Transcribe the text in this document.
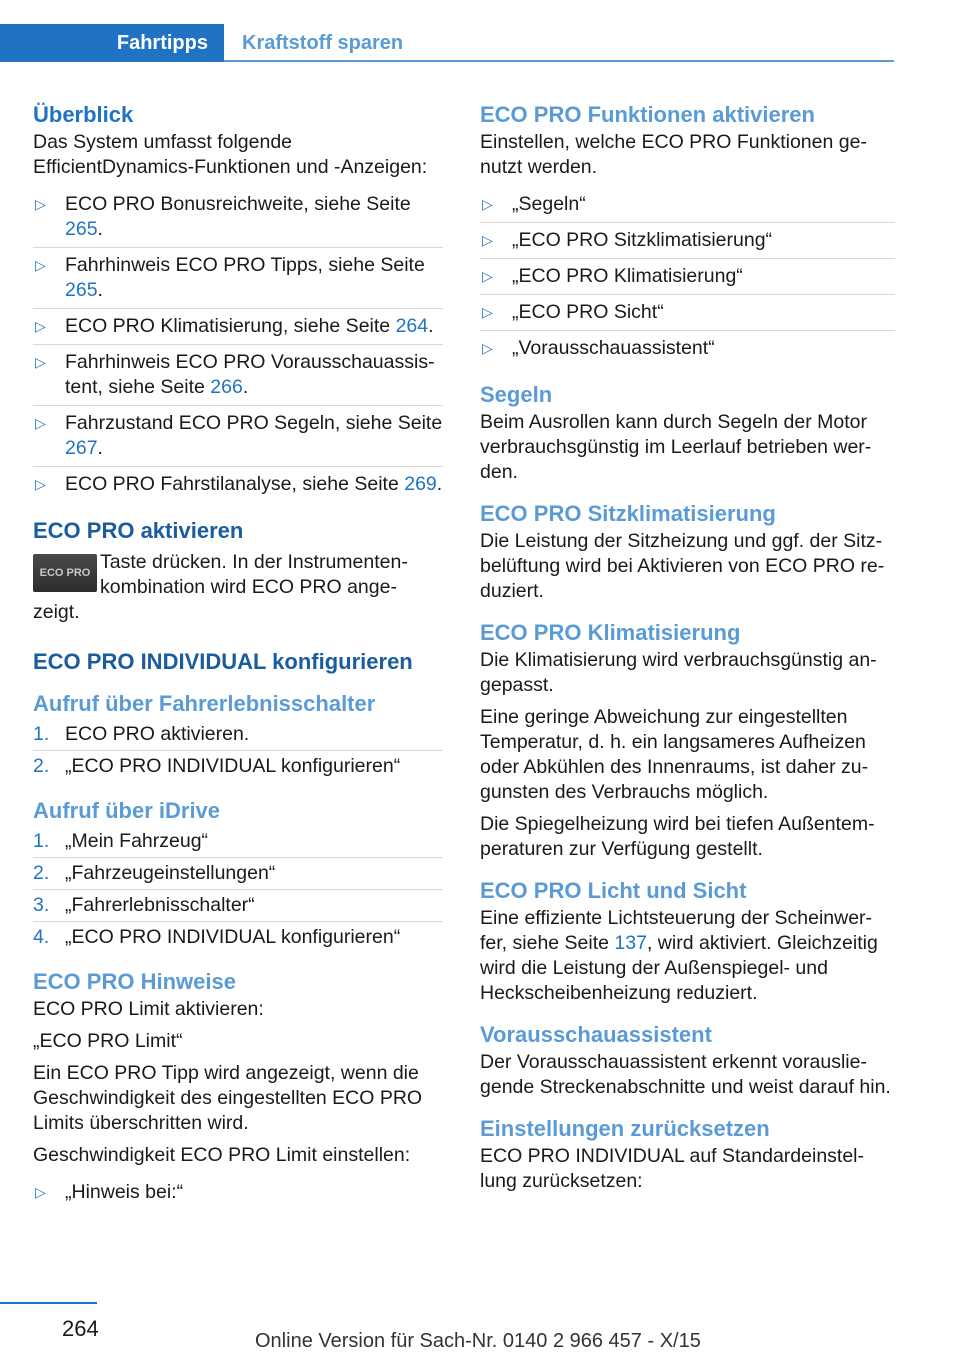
Fahrtipps	Kraftstoff sparen
Überblick

Das System umfasst folgende EfficientDynamics-Funktionen und -Anzeigen:

▷ ECO PRO Bonusreichweite, siehe Seite 265.
▷ Fahrhinweis ECO PRO Tipps, siehe Seite 265.
▷ ECO PRO Klimatisierung, siehe Seite 264.
▷ Fahrhinweis ECO PRO Vorausschauassis-tent, siehe Seite 266.
▷ Fahrzustand ECO PRO Segeln, siehe Seite 267.
▷ ECO PRO Fahrstilanalyse, siehe Seite 269.
ECO PRO aktivieren
ECO PRO Taste drücken. In der Instrumenten-kombination wird ECO PRO ange-zeigt.
ECO PRO INDIVIDUAL konfigurieren
Aufruf über Fahrerlebnisschalter
1. ECO PRO aktivieren.
2. „ECO PRO INDIVIDUAL konfigurieren“
Aufruf über iDrive
1. „Mein Fahrzeug“
2. „Fahrzeugeinstellungen“
3. „Fahrerlebnisschalter“
4. „ECO PRO INDIVIDUAL konfigurieren“
ECO PRO Hinweise

ECO PRO Limit aktivieren:

„ECO PRO Limit“

Ein ECO PRO Tipp wird angezeigt, wenn die Geschwindigkeit des eingestellten ECO PRO Limits überschritten wird.

Geschwindigkeit ECO PRO Limit einstellen:

▷ „Hinweis bei:“
ECO PRO Funktionen aktivieren

Einstellen, welche ECO PRO Funktionen ge-nutzt werden.

▷ „Segeln“
▷ „ECO PRO Sitzklimatisierung“
▷ „ECO PRO Klimatisierung“
▷ „ECO PRO Sicht“
▷ „Vorausschauassistent“
Segeln

Beim Ausrollen kann durch Segeln der Motor verbrauchsgünstig im Leerlauf betrieben wer-den.

ECO PRO Sitzklimatisierung

Die Leistung der Sitzheizung und ggf. der Sitz-belüftung wird bei Aktivieren von ECO PRO re-duziert.

ECO PRO Klimatisierung

Die Klimatisierung wird verbrauchsgünstig an-gepasst.

Eine geringe Abweichung zur eingestellten Temperatur, d. h. ein langsameres Aufheizen oder Abkühlen des Innenraums, ist daher zu-gunsten des Verbrauchs möglich.

Die Spiegelheizung wird bei tiefen Außentem-peraturen zur Verfügung gestellt.

ECO PRO Licht und Sicht

Eine effiziente Lichtsteuerung der Scheinwer-fer, siehe Seite 137, wird aktiviert. Gleichzeitig wird die Leistung der Außenspiegel- und Heckscheibenheizung reduziert.

Vorausschauassistent

Der Vorausschauassistent erkennt vorauslie-gende Streckenabschnitte und weist darauf hin.

Einstellungen zurücksetzen

ECO PRO INDIVIDUAL auf Standardeinstel-lung zurücksetzen:

264	Online Version für Sach-Nr. 0140 2 966 457 - X/15
